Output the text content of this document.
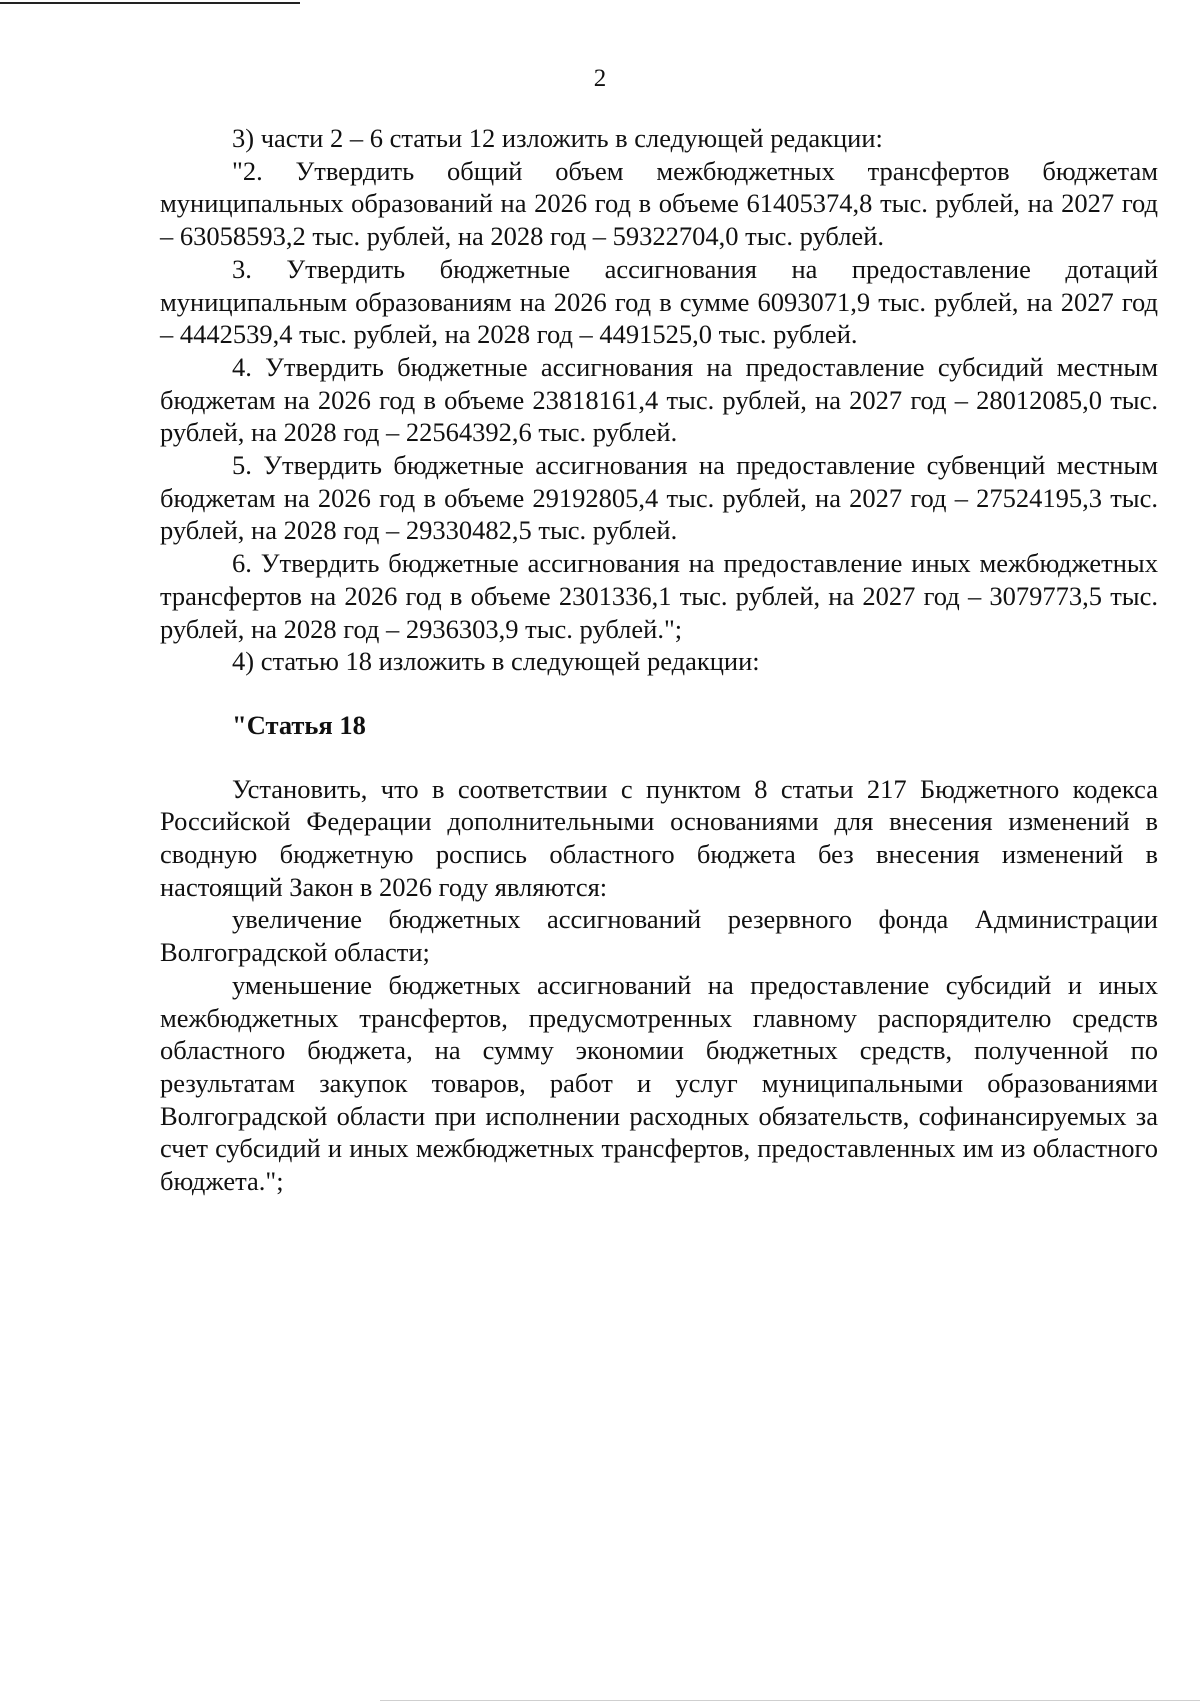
2

3) части 2 – 6 статьи 12 изложить в следующей редакции:

"2. Утвердить общий объем межбюджетных трансфертов бюджетам муниципальных образований на 2026 год в объеме 61405374,8 тыс. рублей, на 2027 год – 63058593,2 тыс. рублей, на 2028 год – 59322704,0 тыс. рублей.

3. Утвердить бюджетные ассигнования на предоставление дотаций муниципальным образованиям на 2026 год в сумме 6093071,9 тыс. рублей, на 2027 год – 4442539,4 тыс. рублей, на 2028 год – 4491525,0 тыс. рублей.

4. Утвердить бюджетные ассигнования на предоставление субсидий местным бюджетам на 2026 год в объеме 23818161,4 тыс. рублей, на 2027 год – 28012085,0 тыс. рублей, на 2028 год – 22564392,6 тыс. рублей.

5. Утвердить бюджетные ассигнования на предоставление субвенций местным бюджетам на 2026 год в объеме 29192805,4 тыс. рублей, на 2027 год – 27524195,3 тыс. рублей, на 2028 год – 29330482,5 тыс. рублей.

6. Утвердить бюджетные ассигнования на предоставление иных межбюджетных трансфертов на 2026 год в объеме 2301336,1 тыс. рублей, на 2027 год – 3079773,5 тыс. рублей, на 2028 год – 2936303,9 тыс. рублей.";

4) статью 18 изложить в следующей редакции:

"Статья 18

Установить, что в соответствии с пунктом 8 статьи 217 Бюджетного кодекса Российской Федерации дополнительными основаниями для внесения изменений в сводную бюджетную роспись областного бюджета без внесения изменений в настоящий Закон в 2026 году являются:

увеличение бюджетных ассигнований резервного фонда Администрации Волгоградской области;

уменьшение бюджетных ассигнований на предоставление субсидий и иных межбюджетных трансфертов, предусмотренных главному распорядителю средств областного бюджета, на сумму экономии бюджетных средств, полученной по результатам закупок товаров, работ и услуг муниципальными образованиями Волгоградской области при исполнении расходных обязательств, софинансируемых за счет субсидий и иных межбюджетных трансфертов, предоставленных им из областного бюджета.";
